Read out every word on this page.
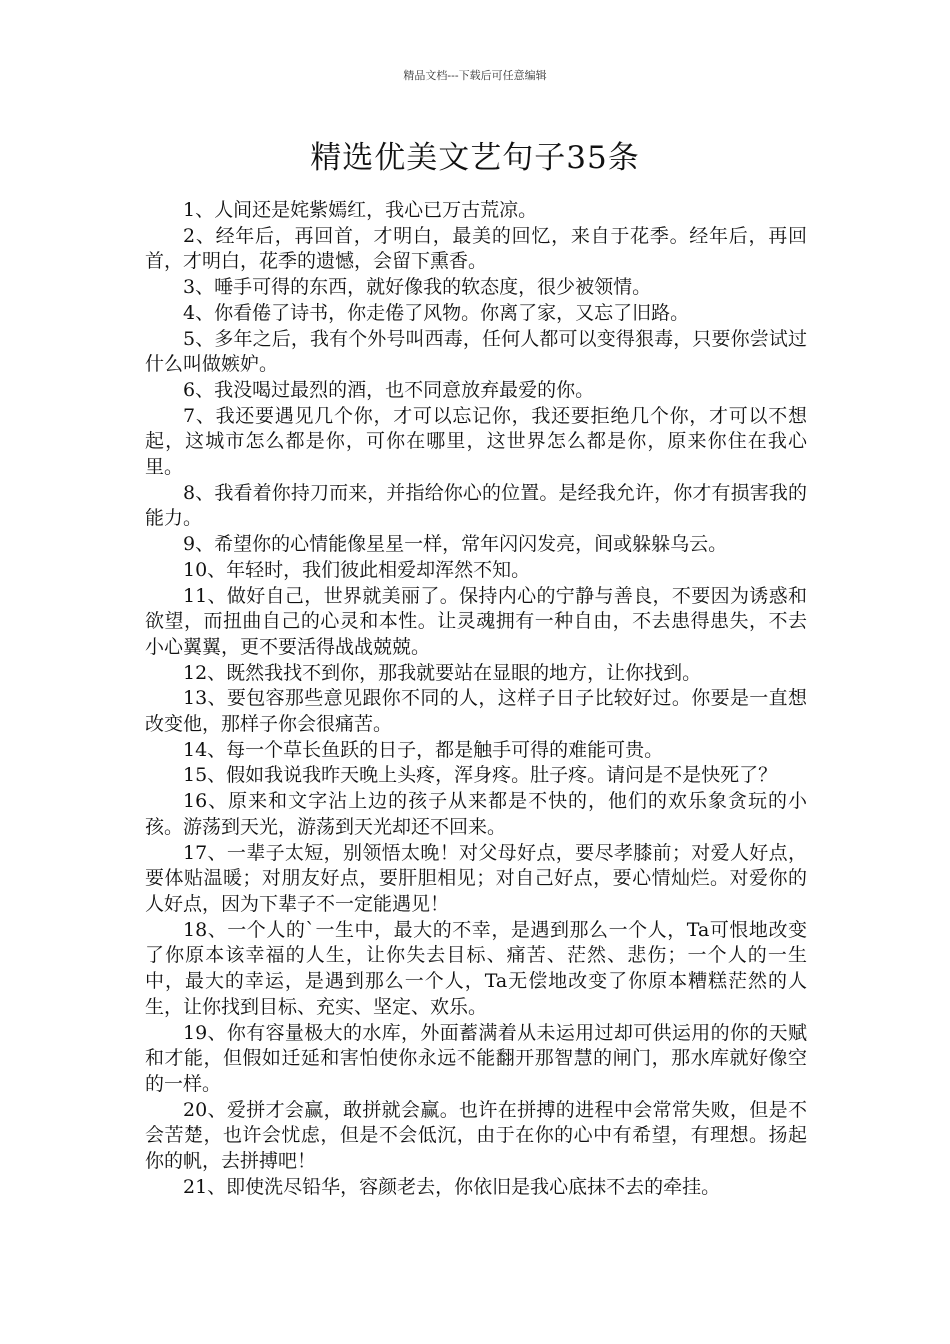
精品文档---下载后可任意编辑
精选优美文艺句子35条

1、人间还是姹紫嫣红，我心已万古荒凉。

2、经年后，再回首，才明白，最美的回忆，来自于花季。经年后，再回首，才明白，花季的遗憾，会留下熏香。

3、唾手可得的东西，就好像我的软态度，很少被领情。

4、你看倦了诗书，你走倦了风物。你离了家，又忘了旧路。

5、多年之后，我有个外号叫西毒，任何人都可以变得狠毒，只要你尝试过什么叫做嫉妒。

6、我没喝过最烈的酒，也不同意放弃最爱的你。

7、我还要遇见几个你，才可以忘记你，我还要拒绝几个你，才可以不想起，这城市怎么都是你，可你在哪里，这世界怎么都是你，原来你住在我心里。

8、我看着你持刀而来，并指给你心的位置。是经我允许，你才有损害我的能力。

9、希望你的心情能像星星一样，常年闪闪发亮，间或躲躲乌云。

10、年轻时，我们彼此相爱却浑然不知。

11、做好自己，世界就美丽了。保持内心的宁静与善良，不要因为诱惑和欲望，而扭曲自己的心灵和本性。让灵魂拥有一种自由，不去患得患失，不去小心翼翼，更不要活得战战兢兢。

12、既然我找不到你，那我就要站在显眼的地方，让你找到。

13、要包容那些意见跟你不同的人，这样子日子比较好过。你要是一直想改变他，那样子你会很痛苦。

14、每一个草长鱼跃的日子，都是触手可得的难能可贵。

15、假如我说我昨天晚上头疼，浑身疼。肚子疼。请问是不是快死了？

16、原来和文字沾上边的孩子从来都是不快的，他们的欢乐象贪玩的小孩。游荡到天光，游荡到天光却还不回来。

17、一辈子太短，别领悟太晚！对父母好点，要尽孝膝前；对爱人好点，要体贴温暖；对朋友好点，要肝胆相见；对自己好点，要心情灿烂。对爱你的人好点，因为下辈子不一定能遇见！

18、一个人的`一生中，最大的不幸，是遇到那么一个人，Ta可恨地改变了你原本该幸福的人生，让你失去目标、痛苦、茫然、悲伤；一个人的一生中，最大的幸运，是遇到那么一个人，Ta无偿地改变了你原本糟糕茫然的人生，让你找到目标、充实、坚定、欢乐。

19、你有容量极大的水库，外面蓄满着从未运用过却可供运用的你的天赋和才能，但假如迁延和害怕使你永远不能翻开那智慧的闸门，那水库就好像空的一样。

20、爱拼才会赢，敢拼就会赢。也许在拼搏的进程中会常常失败，但是不会苦楚，也许会忧虑，但是不会低沉，由于在你的心中有希望，有理想。扬起你的帆，去拼搏吧！

21、即使洗尽铅华，容颜老去，你依旧是我心底抹不去的牵挂。
